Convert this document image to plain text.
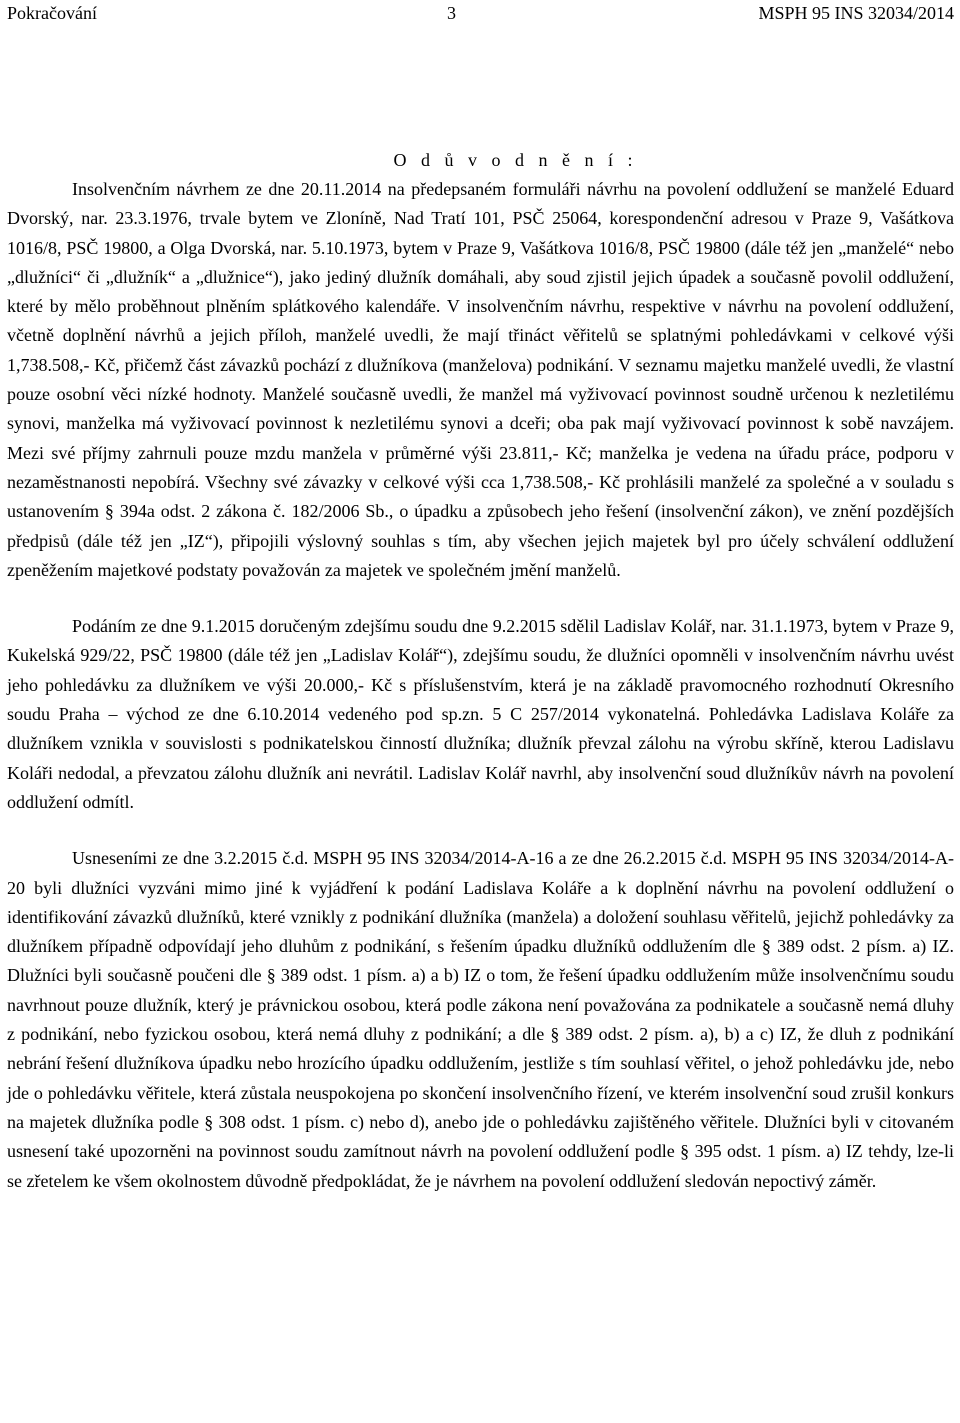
Pokračování	3	MSPH 95 INS 32034/2014
O d ů v o d n ě n í :

Insolvenčním návrhem ze dne 20.11.2014 na předepsaném formuláři návrhu na povolení oddlužení se manželé Eduard Dvorský, nar. 23.3.1976, trvale bytem ve Zloníně, Nad Tratí 101, PSČ 25064, korespondenční adresou v Praze 9, Vašátkova 1016/8, PSČ 19800, a Olga Dvorská, nar. 5.10.1973, bytem v Praze 9, Vašátkova 1016/8, PSČ 19800 (dále též jen „manželé“ nebo „dlužníci“ či „dlužník“ a „dlužnice“), jako jediný dlužník domáhali, aby soud zjistil jejich úpadek a současně povolil oddlužení, které by mělo proběhnout plněním splátkového kalendáře. V insolvenčním návrhu, respektive v návrhu na povolení oddlužení, včetně doplnění návrhů a jejich příloh, manželé uvedli, že mají třináct věřitelů se splatnými pohledávkami v celkové výši 1,738.508,- Kč, přičemž část závazků pochází z dlužníkova (manželova) podnikání. V seznamu majetku manželé uvedli, že vlastní pouze osobní věci nízké hodnoty. Manželé současně uvedli, že manžel má vyživovací povinnost soudně určenou k nezletilému synovi, manželka má vyživovací povinnost k nezletilému synovi a dceři; oba pak mají vyživovací povinnost k sobě navzájem. Mezi své příjmy zahrnuli pouze mzdu manžela v průměrné výši 23.811,- Kč; manželka je vedena na úřadu práce, podporu v nezaměstnanosti nepobírá. Všechny své závazky v celkové výši cca 1,738.508,- Kč prohlásili manželé za společné a v souladu s ustanovením § 394a odst. 2 zákona č. 182/2006 Sb., o úpadku a způsobech jeho řešení (insolvenční zákon), ve znění pozdějších předpisů (dále též jen „IZ“), připojili výslovný souhlas s tím, aby všechen jejich majetek byl pro účely schválení oddlužení zpeněžením majetkové podstaty považován za majetek ve společném jmění manželů.

Podáním ze dne 9.1.2015 doručeným zdejšímu soudu dne 9.2.2015 sdělil Ladislav Kolář, nar. 31.1.1973, bytem v Praze 9, Kukelská 929/22, PSČ 19800 (dále též jen „Ladislav Kolář“), zdejšímu soudu, že dlužníci opomněli v insolvenčním návrhu uvést jeho pohledávku za dlužníkem ve výši 20.000,- Kč s příslušenstvím, která je na základě pravomocného rozhodnutí Okresního soudu Praha – východ ze dne 6.10.2014 vedeného pod sp.zn. 5 C 257/2014 vykonatelná. Pohledávka Ladislava Koláře za dlužníkem vznikla v souvislosti s podnikatelskou činností dlužníka; dlužník převzal zálohu na výrobu skříně, kterou Ladislavu Koláři nedodal, a převzatou zálohu dlužník ani nevrátil. Ladislav Kolář navrhl, aby insolvenční soud dlužníkův návrh na povolení oddlužení odmítl.

Usneseními ze dne 3.2.2015 č.d. MSPH 95 INS 32034/2014-A-16 a ze dne 26.2.2015 č.d. MSPH 95 INS 32034/2014-A-20 byli dlužníci vyzváni mimo jiné k vyjádření k podání Ladislava Koláře a k doplnění návrhu na povolení oddlužení o identifikování závazků dlužníků, které vznikly z podnikání dlužníka (manžela) a doložení souhlasu věřitelů, jejichž pohledávky za dlužníkem případně odpovídají jeho dluhům z podnikání, s řešením úpadku dlužníků oddlužením dle § 389 odst. 2 písm. a) IZ. Dlužníci byli současně poučeni dle § 389 odst. 1 písm. a) a b) IZ o tom, že řešení úpadku oddlužením může insolvenčnímu soudu navrhnout pouze dlužník, který je právnickou osobou, která podle zákona není považována za podnikatele a současně nemá dluhy z podnikání, nebo fyzickou osobou, která nemá dluhy z podnikání; a dle § 389 odst. 2 písm. a), b) a c) IZ, že dluh z podnikání nebrání řešení dlužníkova úpadku nebo hrozícího úpadku oddlužením, jestliže s tím souhlasí věřitel, o jehož pohledávku jde, nebo jde o pohledávku věřitele, která zůstala neuspokojena po skončení insolvenčního řízení, ve kterém insolvenční soud zrušil konkurs na majetek dlužníka podle § 308 odst. 1 písm. c) nebo d), anebo jde o pohledávku zajištěného věřitele. Dlužníci byli v citovaném usnesení také upozorněni na povinnost soudu zamítnout návrh na povolení oddlužení podle § 395 odst. 1 písm. a) IZ tehdy, lze-li se zřetelem ke všem okolnostem důvodně předpokládat, že je návrhem na povolení oddlužení sledován nepoctivý záměr.
